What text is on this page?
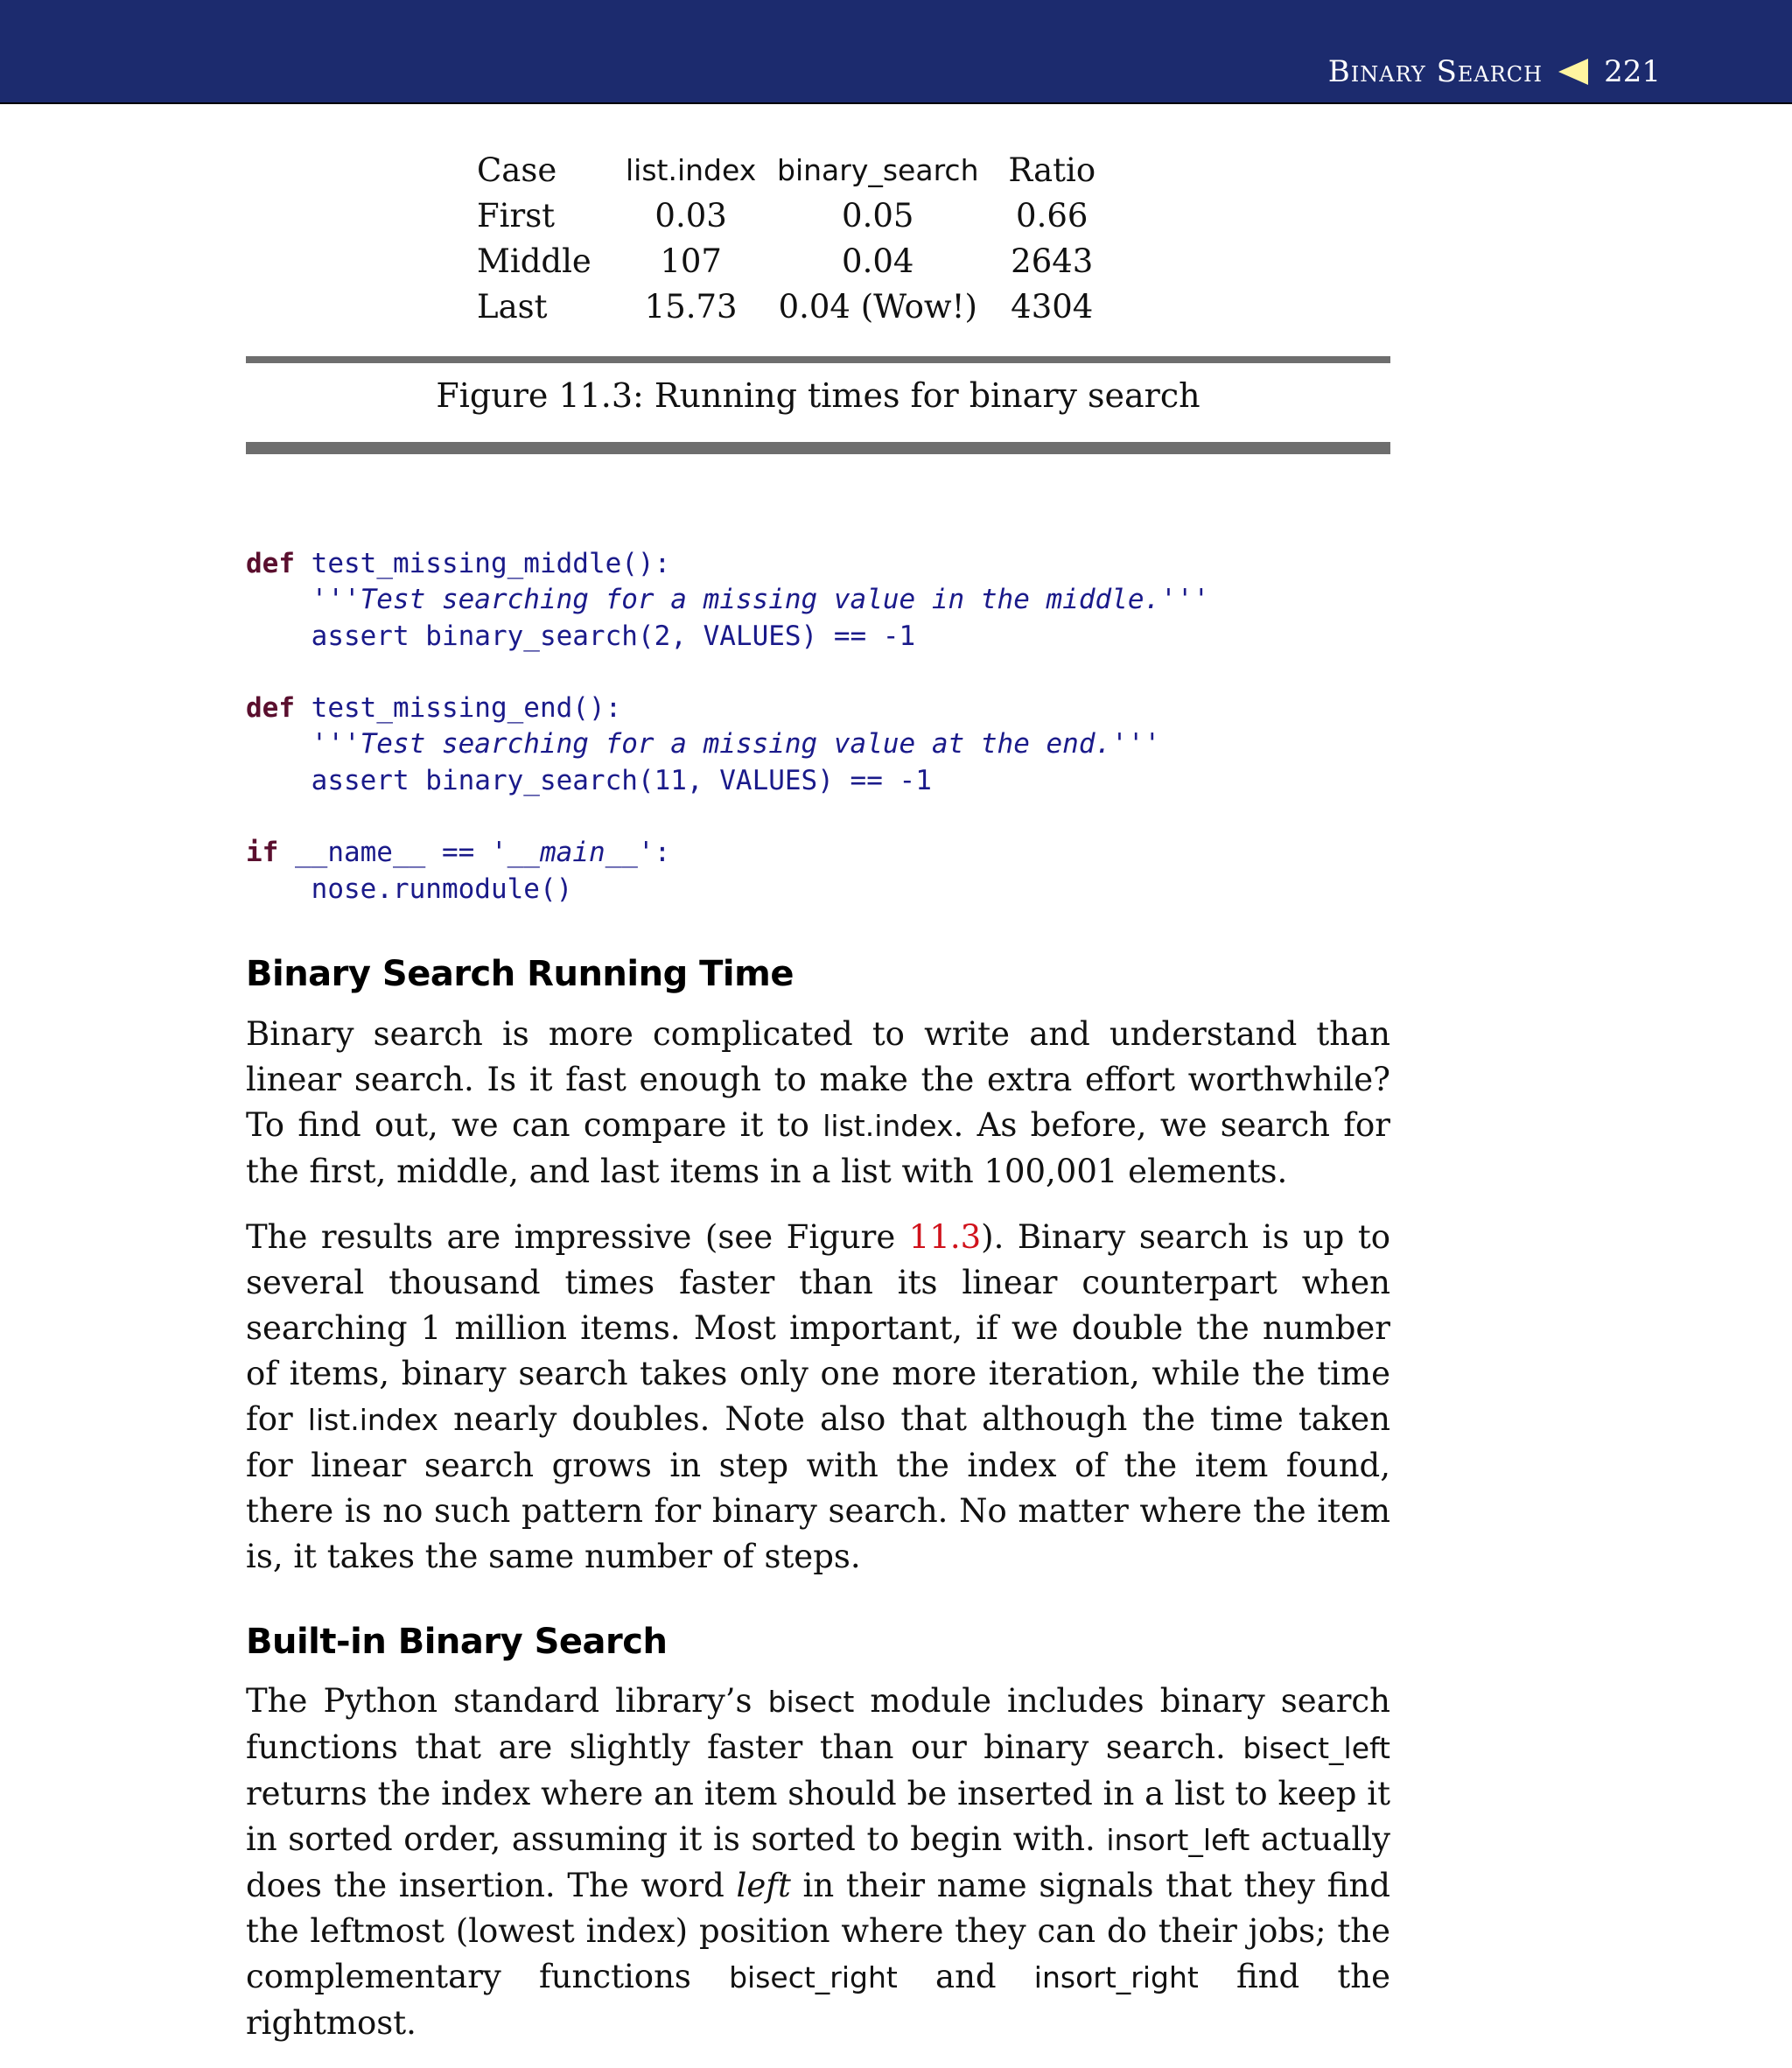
Binary Search 221
Case	list.index	binary_search	Ratio
First	0.03	0.05	0.66
Middle	107	0.04	2643
Last	15.73	0.04 (Wow!)	4304
Figure 11.3: Running times for binary search
def test_missing_middle():
'''Test searching for a missing value in the middle.'''
assert binary_search(2, VALUES) == -1
def test_missing_end():
'''Test searching for a missing value at the end.'''
assert binary_search(11, VALUES) == -1
if __name__ == '__main__':
nose.runmodule()
Binary Search Running Time

Binary search is more complicated to write and understand than linear search. Is it fast enough to make the extra effort worthwhile? To find out, we can compare it to list.index. As before, we search for the first, middle, and last items in a list with 100,001 elements.

The results are impressive (see Figure 11.3). Binary search is up to several thousand times faster than its linear counterpart when searching 1 million items. Most important, if we double the number of items, binary search takes only one more iteration, while the time for list.index nearly doubles. Note also that although the time taken for linear search grows in step with the index of the item found, there is no such pattern for binary search. No matter where the item is, it takes the same number of steps.

Built-in Binary Search

The Python standard library’s bisect module includes binary search functions that are slightly faster than our binary search. bisect_left returns the index where an item should be inserted in a list to keep it in sorted order, assuming it is sorted to begin with. insort_left actually does the insertion. The word left in their name signals that they find the leftmost (lowest index) position where they can do their jobs; the complementary functions bisect_right and insort_right find the rightmost.
